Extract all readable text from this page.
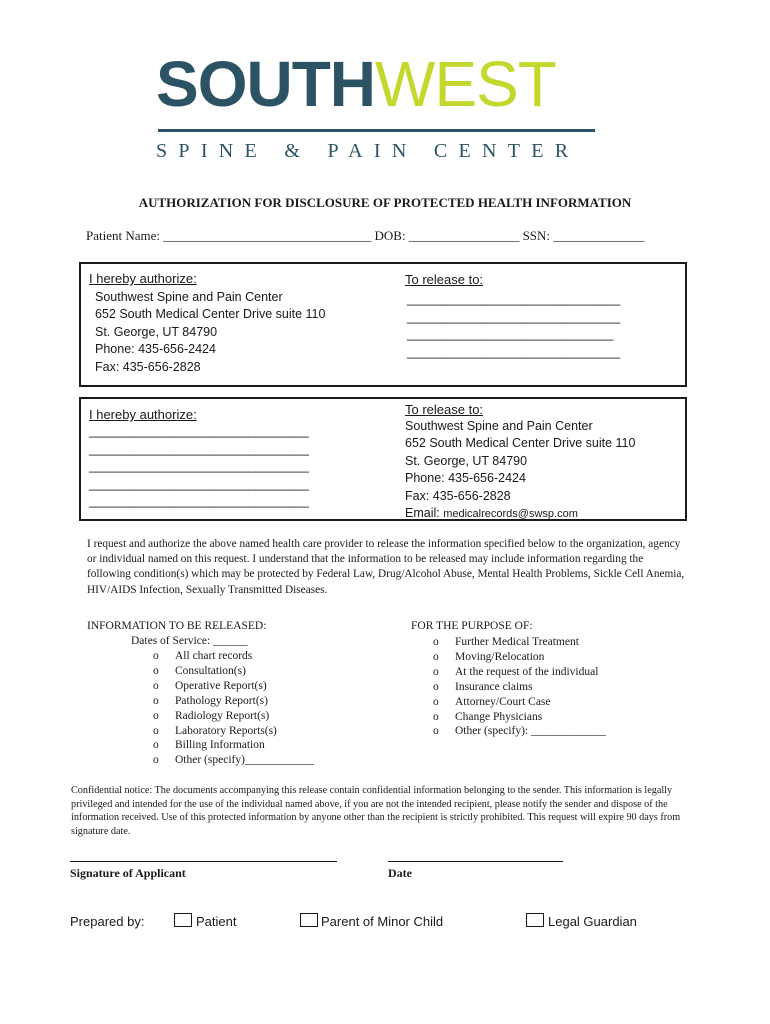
SOUTHWEST
SPINE & PAIN CENTER
AUTHORIZATION FOR DISCLOSURE OF PROTECTED HEALTH INFORMATION
Patient Name: ________________________________ DOB: _________________ SSN: ______________
I hereby authorize:
Southwest Spine and Pain Center
652 South Medical Center Drive suite 110
St. George, UT 84790
Phone: 435-656-2424
Fax: 435-656-2828
To release to:
________________________________
________________________________
_______________________________
________________________________
I hereby authorize:
_________________________________
_________________________________
_________________________________
_________________________________
_________________________________
To release to:
Southwest Spine and Pain Center
652 South Medical Center Drive suite 110
St. George, UT 84790
Phone: 435-656-2424
Fax: 435-656-2828
Email: medicalrecords@swsp.com
I request and authorize the above named health care provider to release the information specified below to the organization, agency or individual named on this request. I understand that the information to be released may include information regarding the following condition(s) which may be protected by Federal Law, Drug/Alcohol Abuse, Mental Health Problems, Sickle Cell Anemia, HIV/AIDS Infection, Sexually Transmitted Diseases.
INFORMATION TO BE RELEASED:
Dates of Service: ______
o All chart records
o Consultation(s)
o Operative Report(s)
o Pathology Report(s)
o Radiology Report(s)
o Laboratory Reports(s)
o Billing Information
o Other (specify)____________
FOR THE PURPOSE OF:
o Further Medical Treatment
o Moving/Relocation
o At the request of the individual
o Insurance claims
o Attorney/Court Case
o Change Physicians
o Other (specify): _____________
Confidential notice: The documents accompanying this release contain confidential information belonging to the sender. This information is legally privileged and intended for the use of the individual named above, if you are not the intended recipient, please notify the sender and dispose of the information received. Use of this protected information by anyone other than the recipient is strictly prohibited. This request will expire 90 days from signature date.
Signature of Applicant	Date
Prepared by:	Patient	Parent of Minor Child	Legal Guardian
